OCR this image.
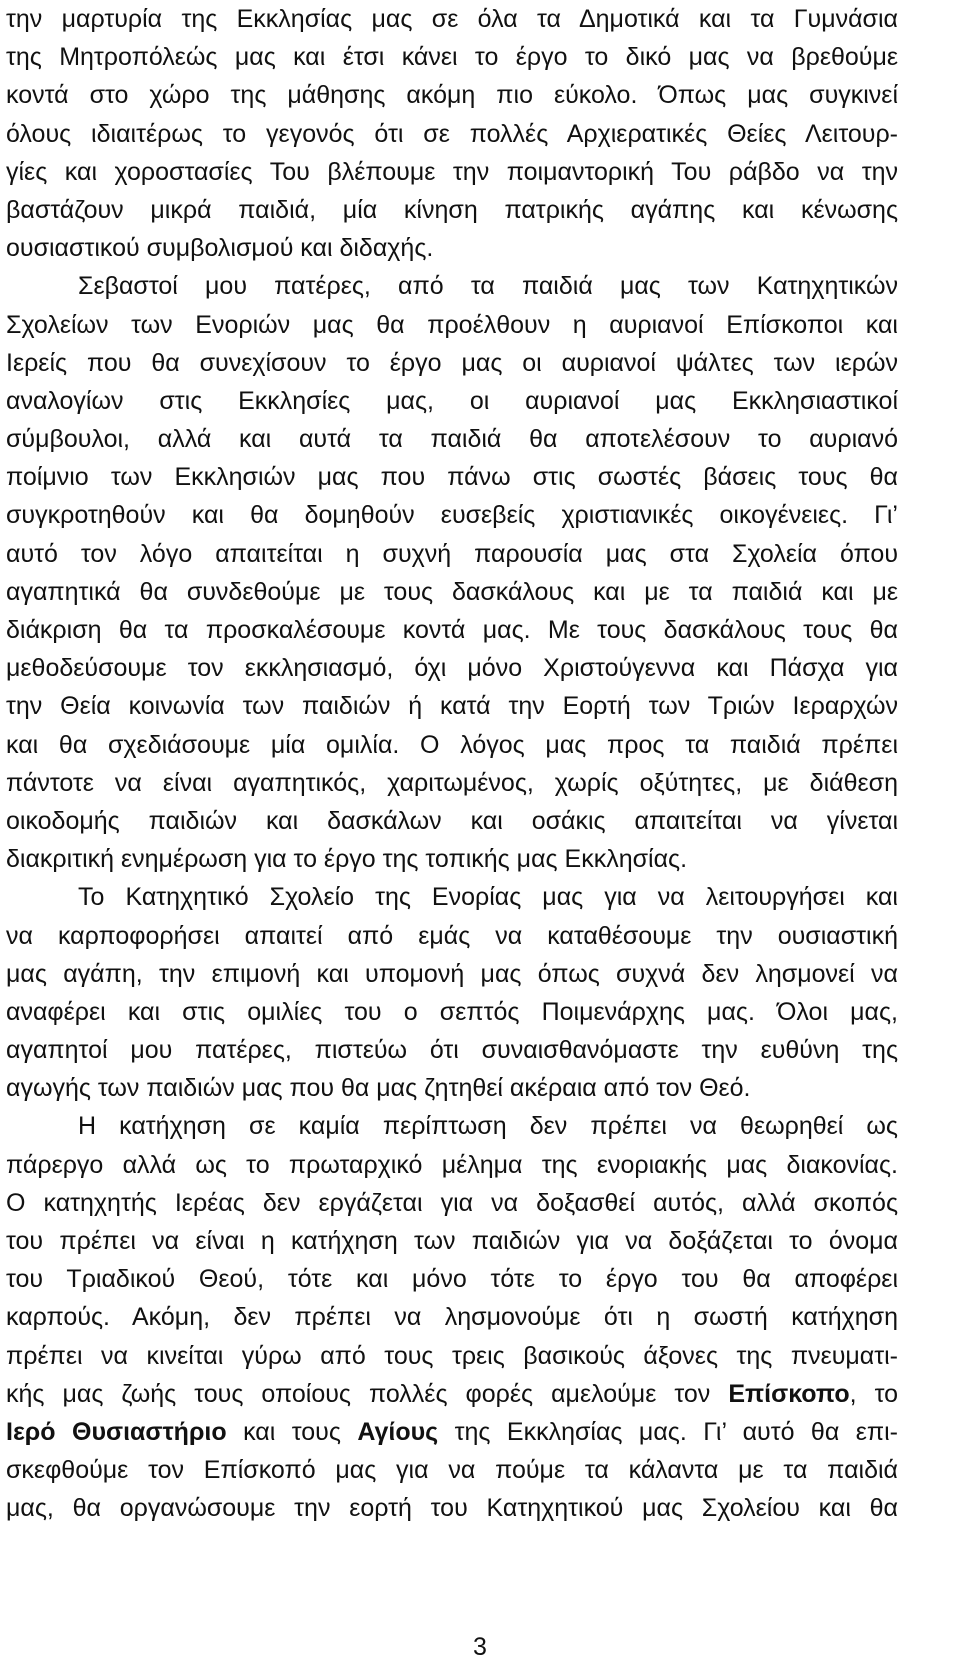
την μαρτυρία της Εκκλησίας μας σε όλα τα Δημοτικά και τα Γυμνάσια
της Μητροπόλεώς μας και έτσι κάνει το έργο το δικό μας να βρεθούμε
κοντά στο χώρο της μάθησης ακόμη πιο εύκολο. Όπως μας συγκινεί
όλους ιδιαιτέρως το γεγονός ότι σε πολλές Αρχιερατικές Θείες Λειτουρ-
γίες και χοροστασίες Του βλέπουμε την ποιμαντορική Του ράβδο να την
βαστάζουν μικρά παιδιά, μία κίνηση πατρικής αγάπης και κένωσης
ουσιαστικού συμβολισμού και διδαχής.
Σεβαστοί μου πατέρες, από τα παιδιά μας των Κατηχητικών
Σχολείων των Ενοριών μας θα προέλθουν η αυριανοί Επίσκοποι και
Ιερείς που θα συνεχίσουν το έργο μας οι αυριανοί ψάλτες των ιερών
αναλογίων στις Εκκλησίες μας, οι αυριανοί μας Εκκλησιαστικοί
σύμβουλοι, αλλά και αυτά τα παιδιά θα αποτελέσουν το αυριανό
ποίμνιο των Εκκλησιών μας που πάνω στις σωστές βάσεις τους θα
συγκροτηθούν και θα δομηθούν ευσεβείς χριστιανικές οικογένειες. Γι’
αυτό τον λόγο απαιτείται η συχνή παρουσία μας στα Σχολεία όπου
αγαπητικά θα συνδεθούμε με τους δασκάλους και με τα παιδιά και με
διάκριση θα τα προσκαλέσουμε κοντά μας. Με τους δασκάλους τους θα
μεθοδεύσουμε τον εκκλησιασμό, όχι μόνο Χριστούγεννα και Πάσχα για
την Θεία κοινωνία των παιδιών ή κατά την Εορτή των Τριών Ιεραρχών
και θα σχεδιάσουμε μία ομιλία. Ο λόγος μας προς τα παιδιά πρέπει
πάντοτε να είναι αγαπητικός, χαριτωμένος, χωρίς οξύτητες, με διάθεση
οικοδομής παιδιών και δασκάλων και οσάκις απαιτείται να γίνεται
διακριτική ενημέρωση για το έργο της τοπικής μας Εκκλησίας.
Το Κατηχητικό Σχολείο της Ενορίας μας για να λειτουργήσει και
να καρποφορήσει απαιτεί από εμάς να καταθέσουμε την ουσιαστική
μας αγάπη, την επιμονή και υπομονή μας όπως συχνά δεν λησμονεί να
αναφέρει και στις ομιλίες του ο σεπτός Ποιμενάρχης μας. Όλοι μας,
αγαπητοί μου πατέρες, πιστεύω ότι συναισθανόμαστε την ευθύνη της
αγωγής των παιδιών μας που θα μας ζητηθεί ακέραια από τον Θεό.
Η κατήχηση σε καμία περίπτωση δεν πρέπει να θεωρηθεί ως
πάρεργο αλλά ως το πρωταρχικό μέλημα της ενοριακής μας διακονίας.
Ο κατηχητής Ιερέας δεν εργάζεται για να δοξασθεί αυτός, αλλά σκοπός
του πρέπει να είναι η κατήχηση των παιδιών για να δοξάζεται το όνομα
του Τριαδικού Θεού, τότε και μόνο τότε το έργο του θα αποφέρει
καρπούς. Ακόμη, δεν πρέπει να λησμονούμε ότι η σωστή κατήχηση
πρέπει να κινείται γύρω από τους τρεις βασικούς άξονες της πνευματι-
κής μας ζωής τους οποίους πολλές φορές αμελούμε τον Επίσκοπο, το
Ιερό Θυσιαστήριο και τους Αγίους της Εκκλησίας μας. Γι’ αυτό θα επι-
σκεφθούμε τον Επίσκοπό μας για να πούμε τα κάλαντα με τα παιδιά
μας, θα οργανώσουμε την εορτή του Κατηχητικού μας Σχολείου και θα
3
